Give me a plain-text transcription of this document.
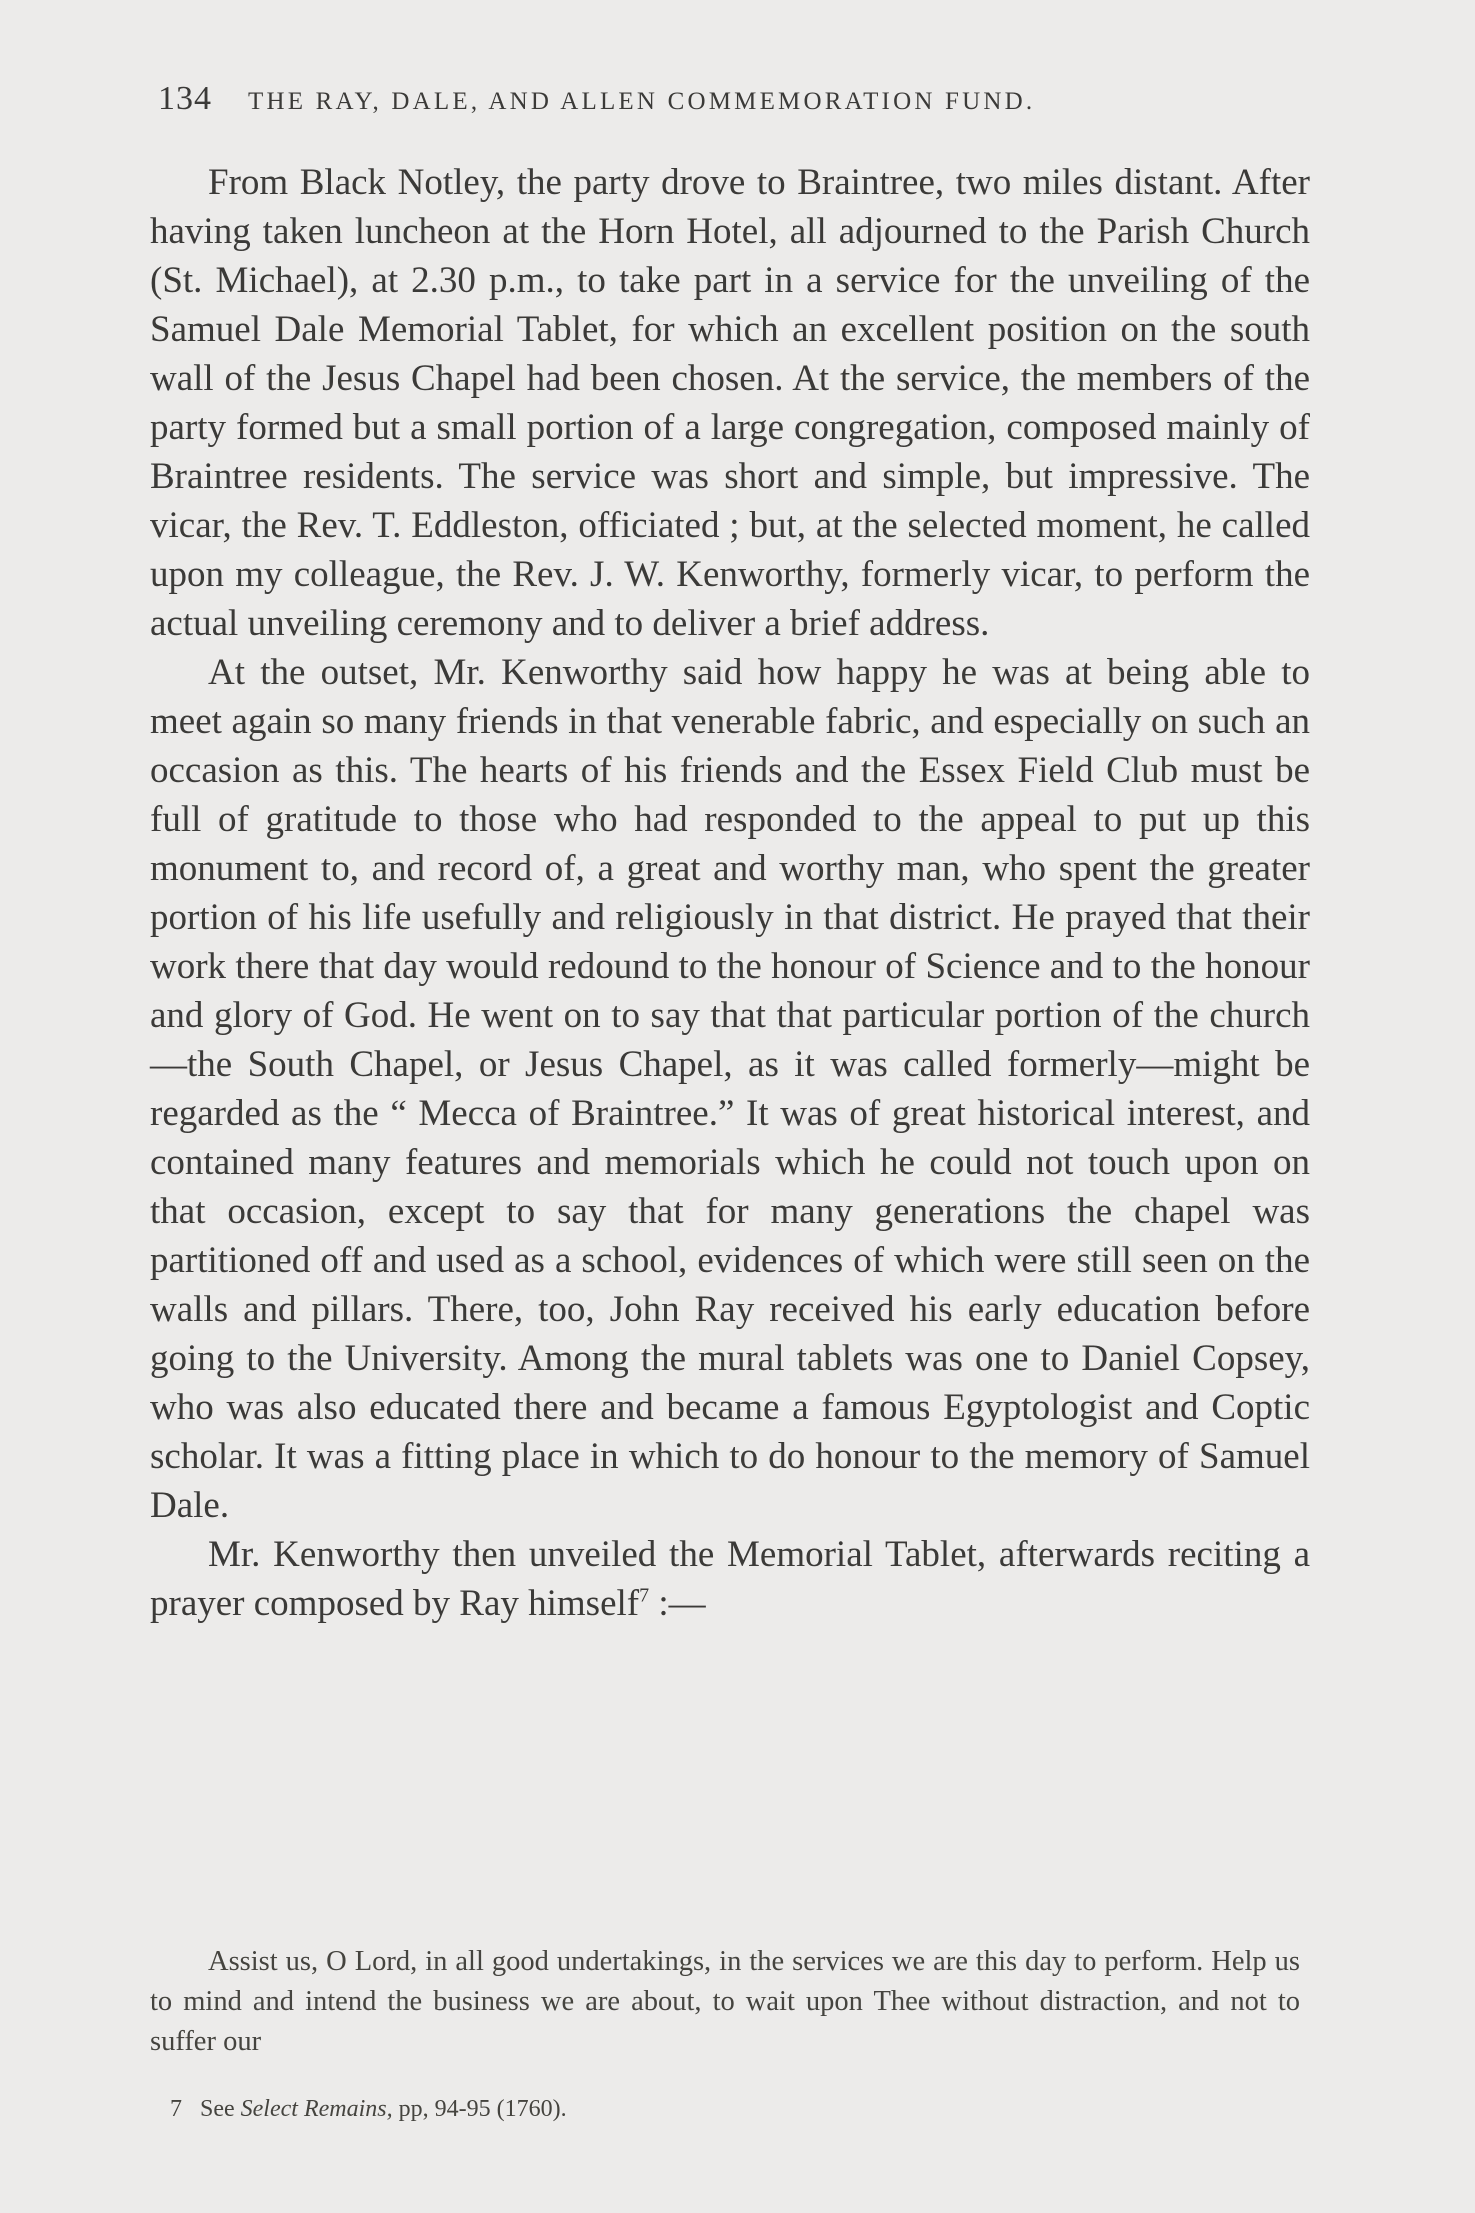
134 THE RAY, DALE, AND ALLEN COMMEMORATION FUND.

From Black Notley, the party drove to Braintree, two miles distant. After having taken luncheon at the Horn Hotel, all adjourned to the Parish Church (St. Michael), at 2.30 p.m., to take part in a service for the unveiling of the Samuel Dale Memorial Tablet, for which an excellent position on the south wall of the Jesus Chapel had been chosen. At the service, the members of the party formed but a small portion of a large congregation, composed mainly of Braintree residents. The service was short and simple, but impressive. The vicar, the Rev. T. Eddleston, officiated ; but, at the selected moment, he called upon my colleague, the Rev. J. W. Kenworthy, formerly vicar, to perform the actual unveiling ceremony and to deliver a brief address.

At the outset, Mr. Kenworthy said how happy he was at being able to meet again so many friends in that venerable fabric, and especially on such an occasion as this. The hearts of his friends and the Essex Field Club must be full of gratitude to those who had responded to the appeal to put up this monument to, and record of, a great and worthy man, who spent the greater portion of his life usefully and religiously in that district. He prayed that their work there that day would redound to the honour of Science and to the honour and glory of God. He went on to say that that particular portion of the church—the South Chapel, or Jesus Chapel, as it was called formerly—might be regarded as the “ Mecca of Braintree.” It was of great historical interest, and contained many features and memorials which he could not touch upon on that occasion, except to say that for many generations the chapel was partitioned off and used as a school, evidences of which were still seen on the walls and pillars. There, too, John Ray received his early education before going to the University. Among the mural tablets was one to Daniel Copsey, who was also educated there and became a famous Egyptologist and Coptic scholar. It was a fitting place in which to do honour to the memory of Samuel Dale.

Mr. Kenworthy then unveiled the Memorial Tablet, afterwards reciting a prayer composed by Ray himself$^7$ :—

Assist us, O Lord, in all good undertakings, in the services we are this day to perform. Help us to mind and intend the business we are about, to wait upon Thee without distraction, and not to suffer our

7 See Select Remains, pp, 94-95 (1760).
